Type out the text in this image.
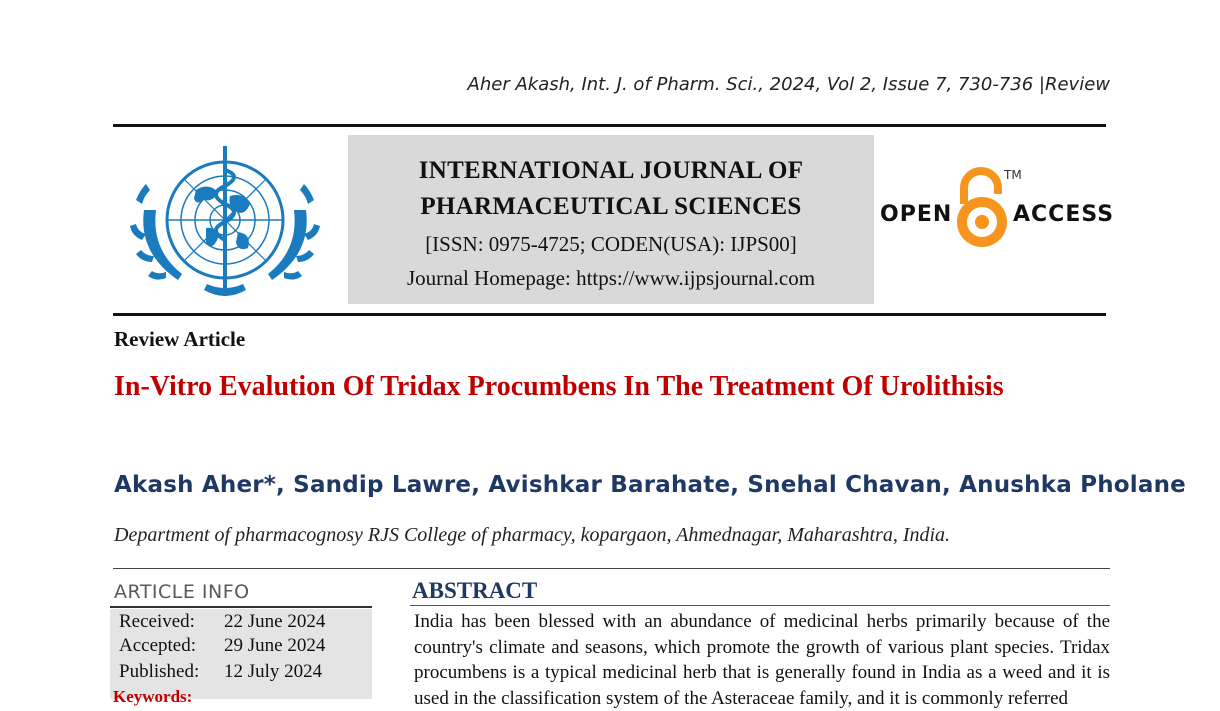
Aher Akash, Int. J. of Pharm. Sci., 2024, Vol 2, Issue 7, 730-736 |Review
INTERNATIONAL JOURNAL OF
PHARMACEUTICAL SCIENCES
[ISSN: 0975-4725; CODEN(USA): IJPS00]
Journal Homepage: https://www.ijpsjournal.com
OPEN
TM
ACCESS
Review Article
In-Vitro Evalution Of Tridax Procumbens In The Treatment Of Urolithisis
Akash Aher*, Sandip Lawre, Avishkar Barahate, Snehal Chavan, Anushka Pholane
Department of pharmacognosy RJS College of pharmacy, kopargaon, Ahmednagar, Maharashtra, India.
ARTICLE INFO
Received: 22 June 2024
Accepted: 29 June 2024
Published: 12 July 2024
Keywords:
ABSTRACT
India has been blessed with an abundance of medicinal herbs primarily because of the country's climate and seasons, which promote the growth of various plant species. Tridax procumbens is a typical medicinal herb that is generally found in India as a weed and it is used in the classification system of the Asteraceae family, and it is commonly referred
